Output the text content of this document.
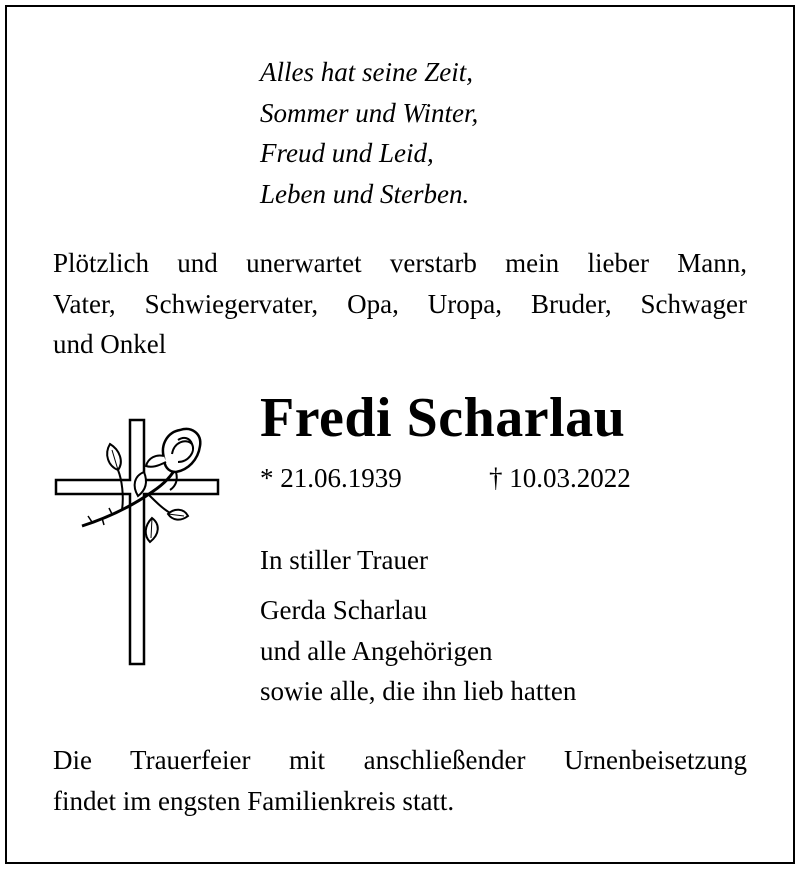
Alles hat seine Zeit,
Sommer und Winter,
Freud und Leid,
Leben und Sterben.
Plötzlich und unerwartet verstarb mein lieber Mann,
Vater, Schwiegervater, Opa, Uropa, Bruder, Schwager
und Onkel
Fredi Scharlau
* 21.06.1939	† 10.03.2022
In stiller Trauer
Gerda Scharlau
und alle Angehörigen
sowie alle, die ihn lieb hatten
Die Trauerfeier mit anschließender Urnenbeisetzung
findet im engsten Familienkreis statt.
